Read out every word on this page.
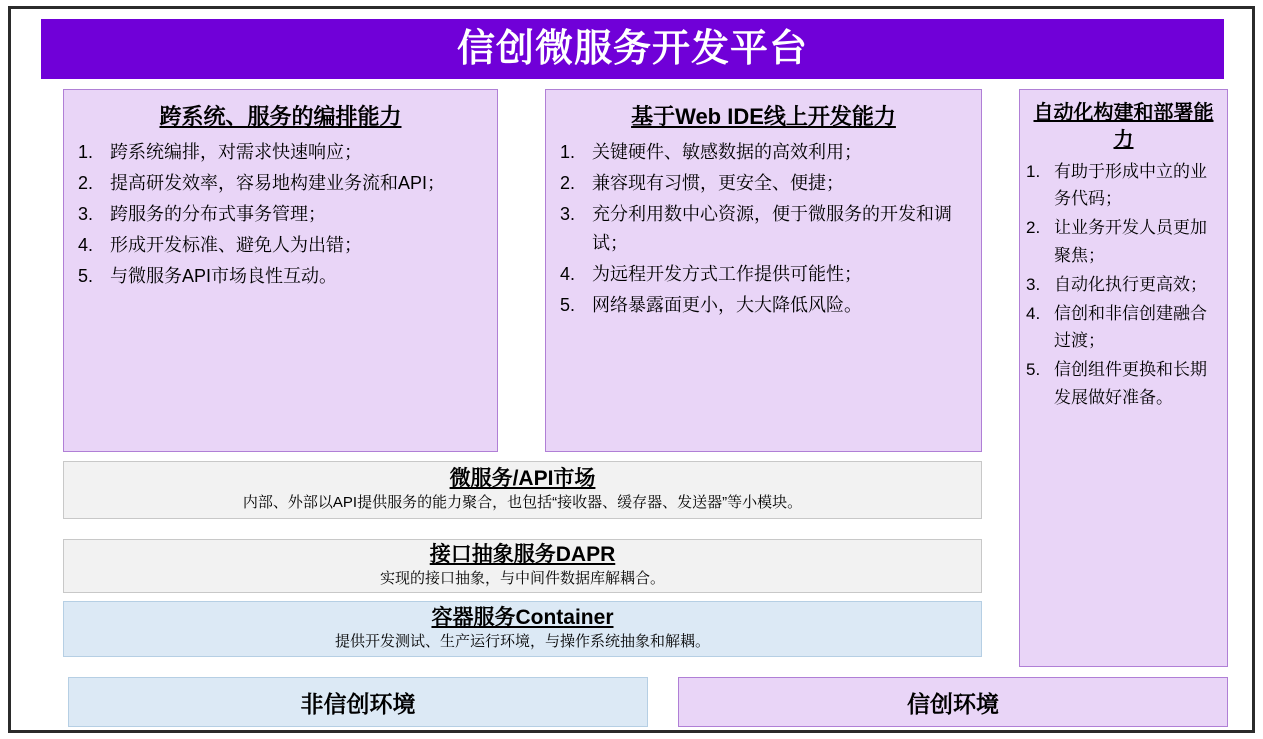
信创微服务开发平台
跨系统、服务的编排能力
跨系统编排，对需求快速响应；
提高研发效率，容易地构建业务流和API；
跨服务的分布式事务管理；
形成开发标准、避免人为出错；
与微服务API市场良性互动。
基于Web IDE线上开发能力
关键硬件、敏感数据的高效利用；
兼容现有习惯，更安全、便捷；
充分利用数中心资源，便于微服务的开发和调试；
为远程开发方式工作提供可能性；
网络暴露面更小，大大降低风险。
自动化构建和部署能力
有助于形成中立的业务代码；
让业务开发人员更加聚焦；
自动化执行更高效；
信创和非信创建融合过渡；
信创组件更换和长期发展做好准备。
微服务/API市场
内部、外部以API提供服务的能力聚合，也包括“接收器、缓存器、发送器”等小模块。
接口抽象服务DAPR
实现的接口抽象，与中间件数据库解耦合。
容器服务Container
提供开发测试、生产运行环境，与操作系统抽象和解耦。
非信创环境	信创环境
